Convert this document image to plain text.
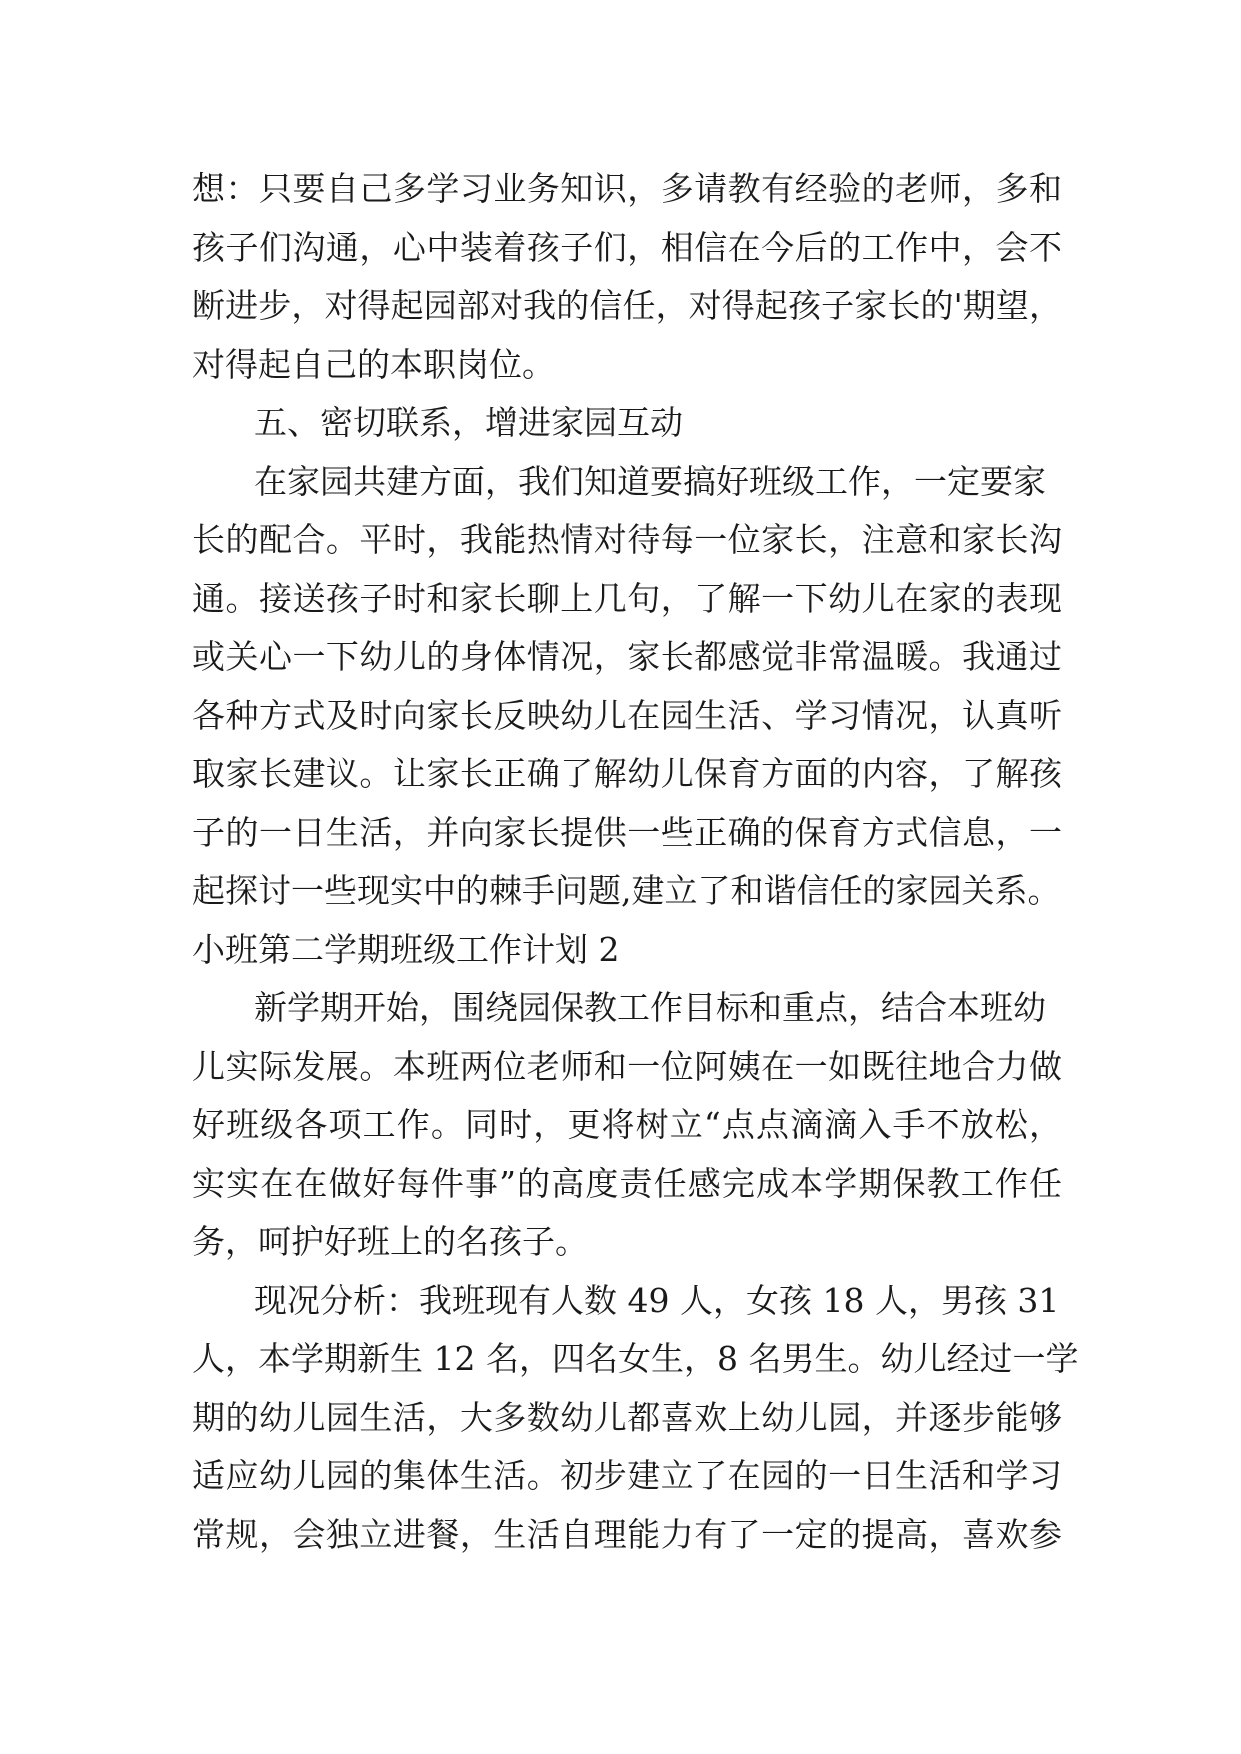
想：只要自己多学习业务知识，多请教有经验的老师，多和
孩子们沟通，心中装着孩子们，相信在今后的工作中，会不
断进步，对得起园部对我的信任，对得起孩子家长的'期望，
对得起自己的本职岗位。
五、密切联系，增进家园互动
在家园共建方面，我们知道要搞好班级工作，一定要家
长的配合。平时，我能热情对待每一位家长，注意和家长沟
通。接送孩子时和家长聊上几句，了解一下幼儿在家的表现
或关心一下幼儿的身体情况，家长都感觉非常温暖。我通过
各种方式及时向家长反映幼儿在园生活、学习情况，认真听
取家长建议。让家长正确了解幼儿保育方面的内容，了解孩
子的一日生活，并向家长提供一些正确的保育方式信息，一
起探讨一些现实中的棘手问题,建立了和谐信任的家园关系。
小班第二学期班级工作计划 2
新学期开始，围绕园保教工作目标和重点，结合本班幼
儿实际发展。本班两位老师和一位阿姨在一如既往地合力做
好班级各项工作。同时，更将树立“点点滴滴入手不放松，
实实在在做好每件事”的高度责任感完成本学期保教工作任
务，呵护好班上的名孩子。
现况分析：我班现有人数 49 人，女孩 18 人，男孩 31
人，本学期新生 12 名，四名女生，8 名男生。幼儿经过一学
期的幼儿园生活，大多数幼儿都喜欢上幼儿园，并逐步能够
适应幼儿园的集体生活。初步建立了在园的一日生活和学习
常规，会独立进餐，生活自理能力有了一定的提高，喜欢参
